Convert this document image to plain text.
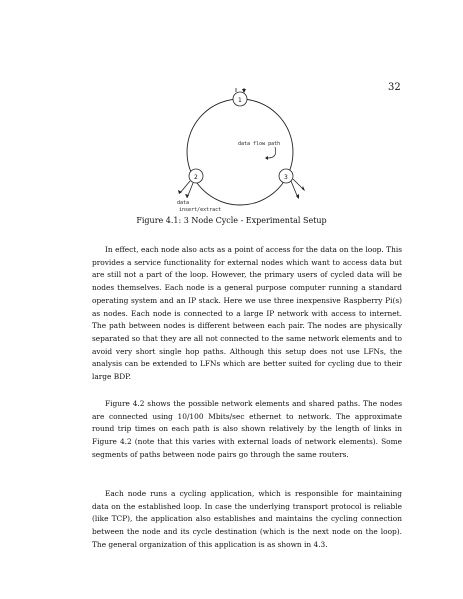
32
1
2	3
data flow path
data
insert/extract
Figure 4.1: 3 Node Cycle - Experimental Setup

In effect, each node also acts as a point of access for the data on the loop. This provides a service functionality for external nodes which want to access data but are still not a part of the loop. However, the primary users of cycled data will be nodes themselves. Each node is a general purpose computer running a standard operating system and an IP stack. Here we use three inexpensive Raspberry Pi(s) as nodes. Each node is connected to a large IP network with access to internet. The path between nodes is different between each pair. The nodes are physically separated so that they are all not connected to the same network elements and to avoid very short single hop paths. Although this setup does not use LFNs, the analysis can be extended to LFNs which are better suited for cycling due to their large BDP.

Figure 4.2 shows the possible network elements and shared paths. The nodes are connected using 10/100 Mbits/sec ethernet to network. The approximate round trip times on each path is also shown relatively by the length of links in Figure 4.2 (note that this varies with external loads of network elements). Some segments of paths between node pairs go through the same routers.

Each node runs a cycling application, which is responsible for maintaining data on the established loop. In case the underlying transport protocol is reliable (like TCP), the application also establishes and maintains the cycling connection between the node and its cycle destination (which is the next node on the loop). The general organization of this application is as shown in 4.3.
